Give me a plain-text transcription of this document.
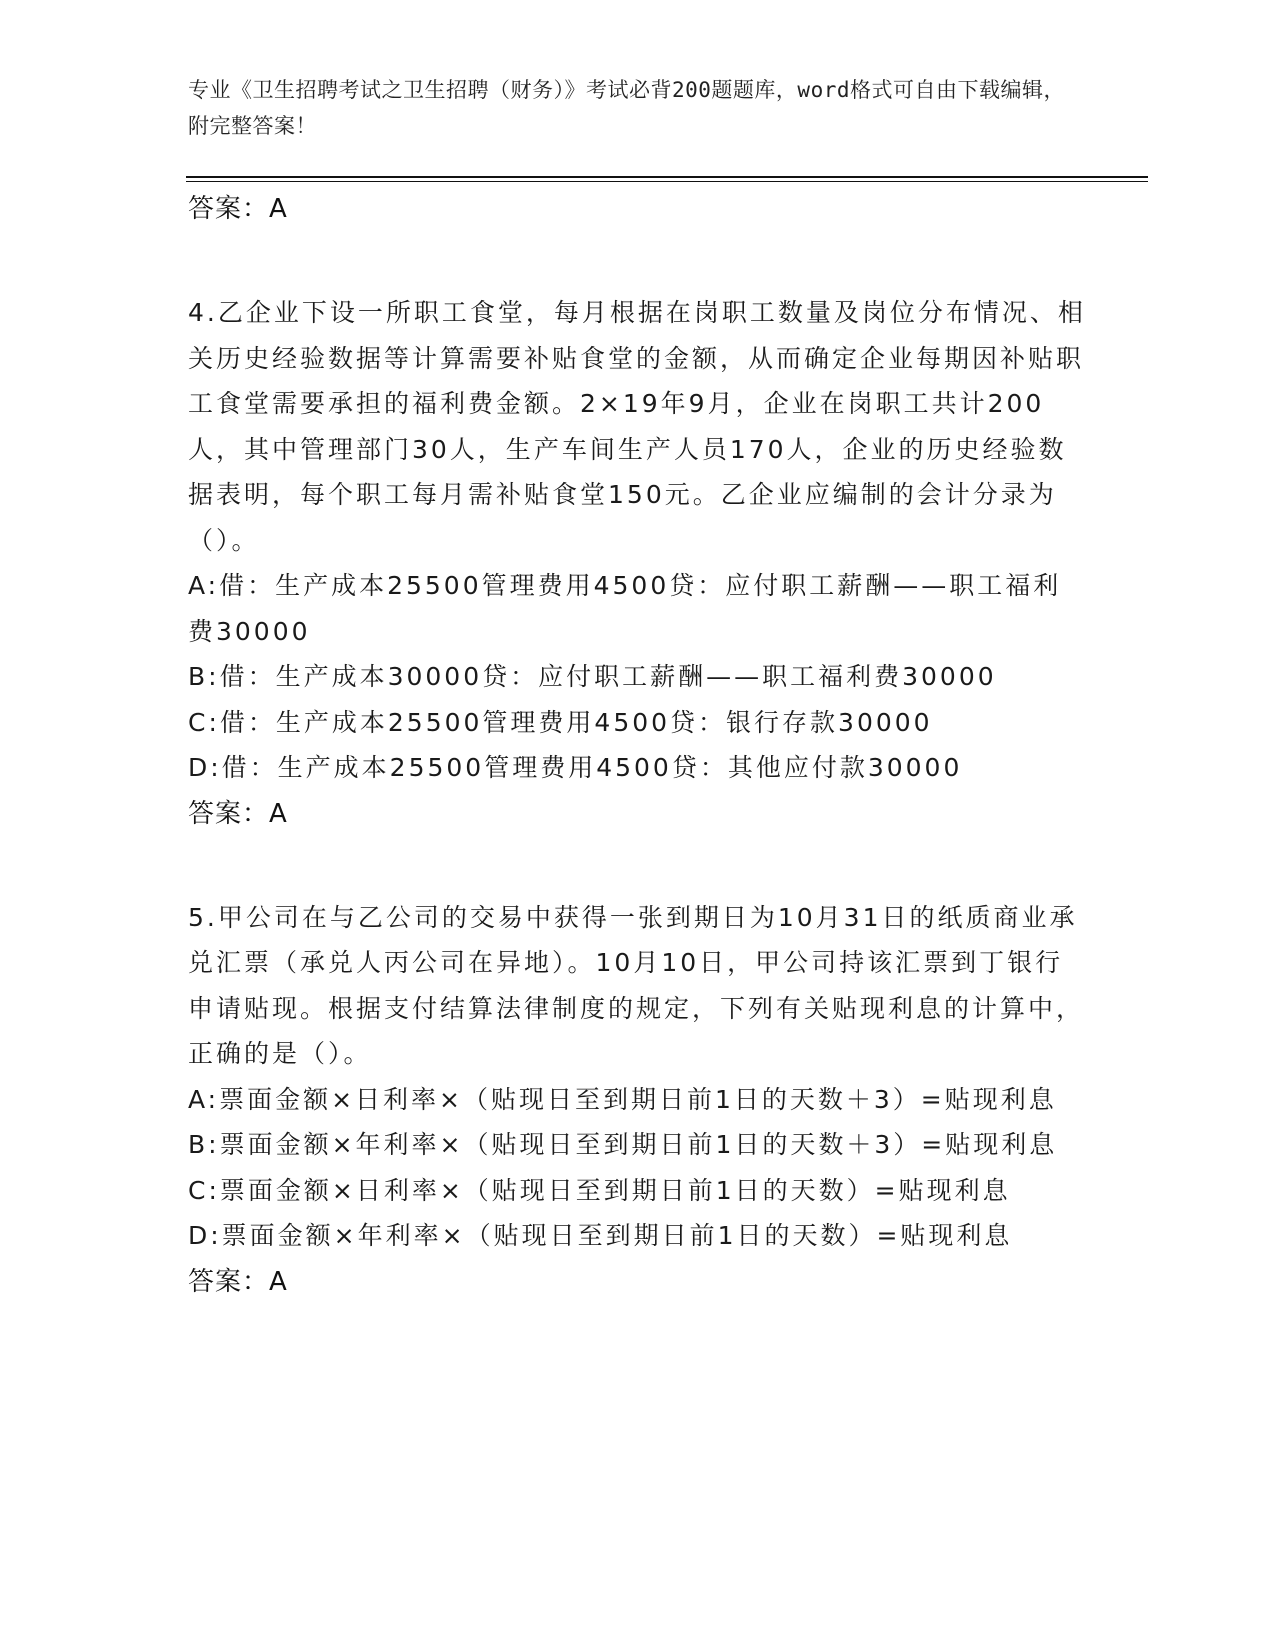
专业《卫生招聘考试之卫生招聘（财务）》考试必背200题题库，word格式可自由下载编辑，附完整答案！

答案：A

4.乙企业下设一所职工食堂，每月根据在岗职工数量及岗位分布情况、相关历史经验数据等计算需要补贴食堂的金额，从而确定企业每期因补贴职工食堂需要承担的福利费金额。2×19年9月，企业在岗职工共计200人，其中管理部门30人，生产车间生产人员170人，企业的历史经验数据表明，每个职工每月需补贴食堂150元。乙企业应编制的会计分录为（）。

A:借：生产成本25500管理费用4500贷：应付职工薪酬——职工福利费30000

B:借：生产成本30000贷：应付职工薪酬——职工福利费30000

C:借：生产成本25500管理费用4500贷：银行存款30000

D:借：生产成本25500管理费用4500贷：其他应付款30000

答案：A

5.甲公司在与乙公司的交易中获得一张到期日为10月31日的纸质商业承兑汇票（承兑人丙公司在异地）。10月10日，甲公司持该汇票到丁银行申请贴现。根据支付结算法律制度的规定，下列有关贴现利息的计算中，正确的是（）。

A:票面金额×日利率×（贴现日至到期日前1日的天数＋3）=贴现利息

B:票面金额×年利率×（贴现日至到期日前1日的天数＋3）=贴现利息

C:票面金额×日利率×（贴现日至到期日前1日的天数）=贴现利息

D:票面金额×年利率×（贴现日至到期日前1日的天数）=贴现利息

答案：A
